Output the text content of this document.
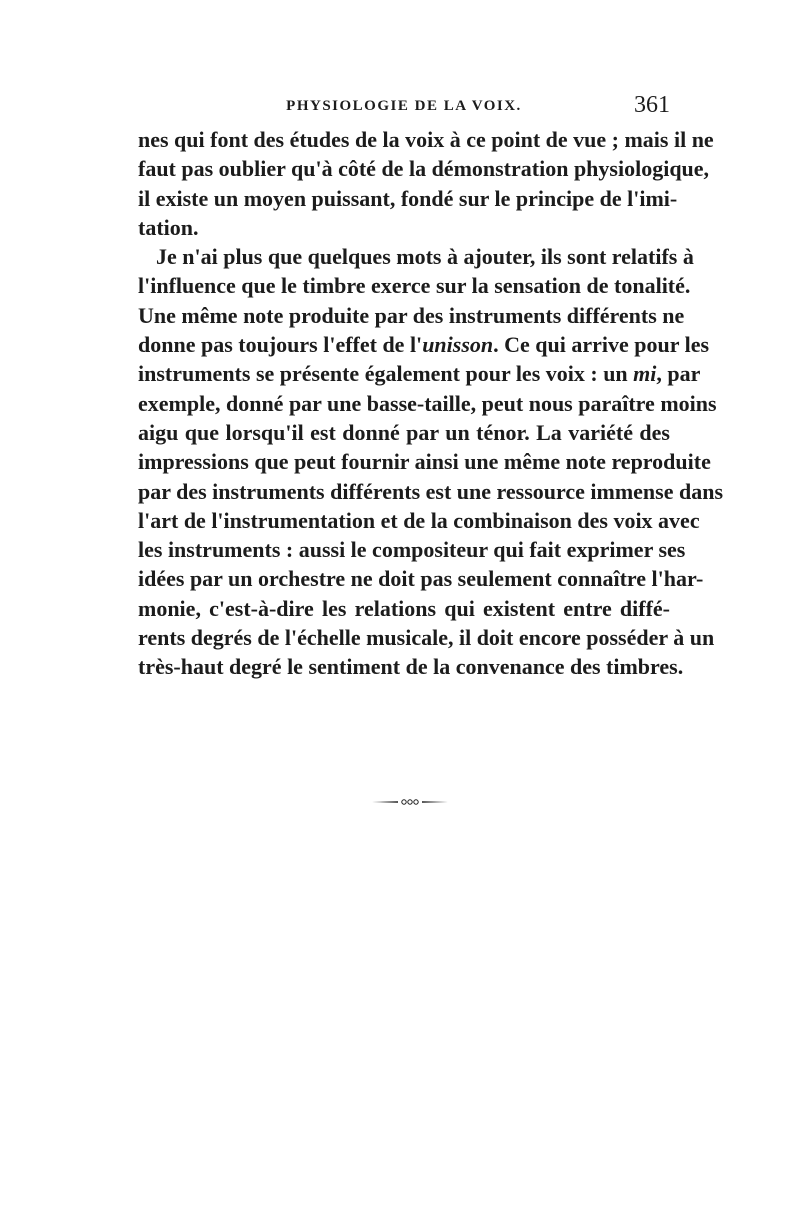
PHYSIOLOGIE DE LA VOIX.	361
nes qui font des études de la voix à ce point de vue ; mais il ne
faut pas oublier qu'à côté de la démonstration physiologique,
il existe un moyen puissant, fondé sur le principe de l'imi-
tation.
Je n'ai plus que quelques mots à ajouter, ils sont relatifs à
l'influence que le timbre exerce sur la sensation de tonalité.
Une même note produite par des instruments différents ne
donne pas toujours l'effet de l'unisson. Ce qui arrive pour les
instruments se présente également pour les voix : un mi, par
exemple, donné par une basse-taille, peut nous paraître moins
aigu que lorsqu'il est donné par un ténor. La variété des
impressions que peut fournir ainsi une même note reproduite
par des instruments différents est une ressource immense dans
l'art de l'instrumentation et de la combinaison des voix avec
les instruments : aussi le compositeur qui fait exprimer ses
idées par un orchestre ne doit pas seulement connaître l'har-
monie, c'est-à-dire les relations qui existent entre diffé-
rents degrés de l'échelle musicale, il doit encore posséder à un
très-haut degré le sentiment de la convenance des timbres.
